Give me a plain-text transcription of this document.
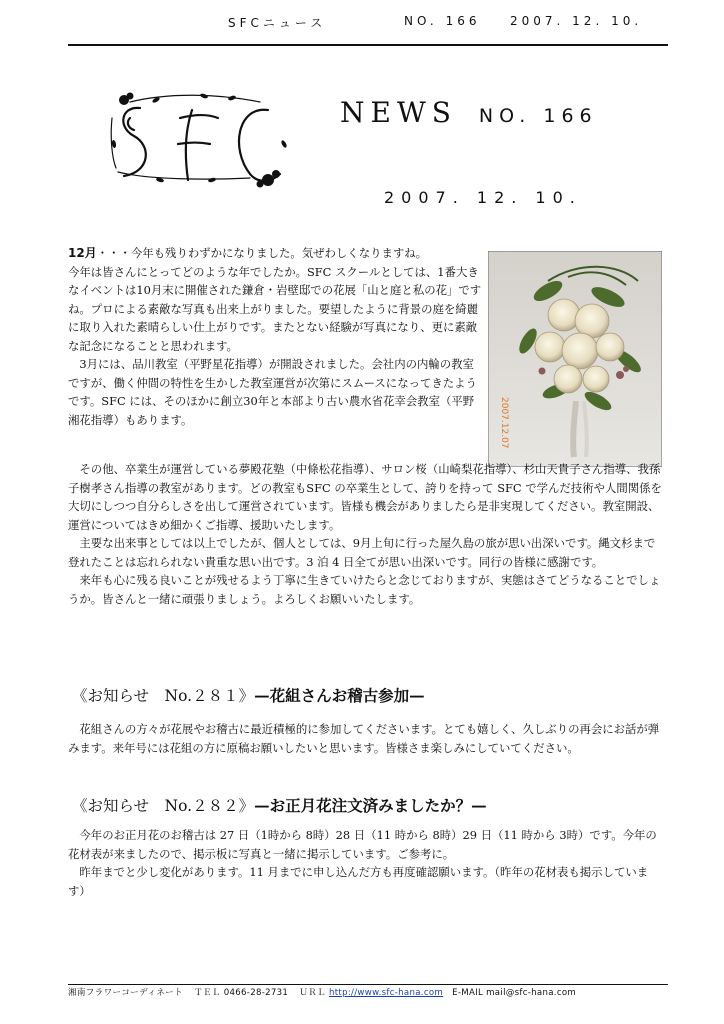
SFCニュース	NO. 166 2007. 12. 10.
NEWS NO. 166
2007. 12. 10.
2007.12.07

12月・・・今年も残りわずかになりました。気ぜわしくなりますね。
今年は皆さんにとってどのような年でしたか。SFC スクールとしては、1番大きなイベントは10月末に開催された鎌倉・岩壁邸での花展「山と庭と私の花」ですね。プロによる素敵な写真も出来上がりました。要望したように背景の庭を綺麗に取り入れた素晴らしい仕上がりです。またとない経験が写真になり、更に素敵な記念になることと思われます。
　3月には、品川教室（平野星花指導）が開設されました。会社内の内輪の教室ですが、働く仲間の特性を生かした教室運営が次第にスムースになってきたようです。SFC には、そのほかに創立30年と本部より古い農水省花幸会教室（平野湘花指導）もあります。

　その他、卒業生が運営している夢殿花塾（中條松花指導）、サロン桜（山崎梨花指導）、杉山天貴子さん指導、我孫子樹孝さん指導の教室があります。どの教室もSFC の卒業生として、誇りを持って SFC で学んだ技術や人間関係を大切にしつつ自分らしさを出して運営されています。皆様も機会がありましたら是非実現してください。教室開設、運営についてはきめ細かくご指導、援助いたします。
　主要な出来事としては以上でしたが、個人としては、9月上旬に行った屋久島の旅が思い出深いです。縄文杉まで登れたことは忘れられない貴重な思い出です。3 泊 4 日全てが思い出深いです。同行の皆様に感謝です。
　来年も心に残る良いことが残せるよう丁寧に生きていけたらと念じておりますが、実態はさてどうなることでしょうか。皆さんと一緒に頑張りましょう。よろしくお願いいたします。
《お知らせ　No.２８１》—花組さんお稽古参加—

　花組さんの方々が花展やお稽古に最近積極的に参加してくださいます。とても嬉しく、久しぶりの再会にお話が弾みます。来年号には花組の方に原稿お願いしたいと思います。皆様さま楽しみにしていてください。

《お知らせ　No.２８２》—お正月花注文済みましたか？—
　今年のお正月花のお稽古は 27 日（1時から 8時）28 日（11 時から 8時）29 日（11 時から 3時）です。今年の花材表が来ましたので、掲示板に写真と一緒に掲示しています。ご参考に。
　昨年までと少し変化があります。11 月までに申し込んだ方も再度確認願います。（昨年の花材表も掲示しています）
湘南フラワーコーディネート ＴＥＬ 0466-28-2731 ＵＲＬ http://www.sfc-hana.com E-MAIL mail@sfc-hana.com
